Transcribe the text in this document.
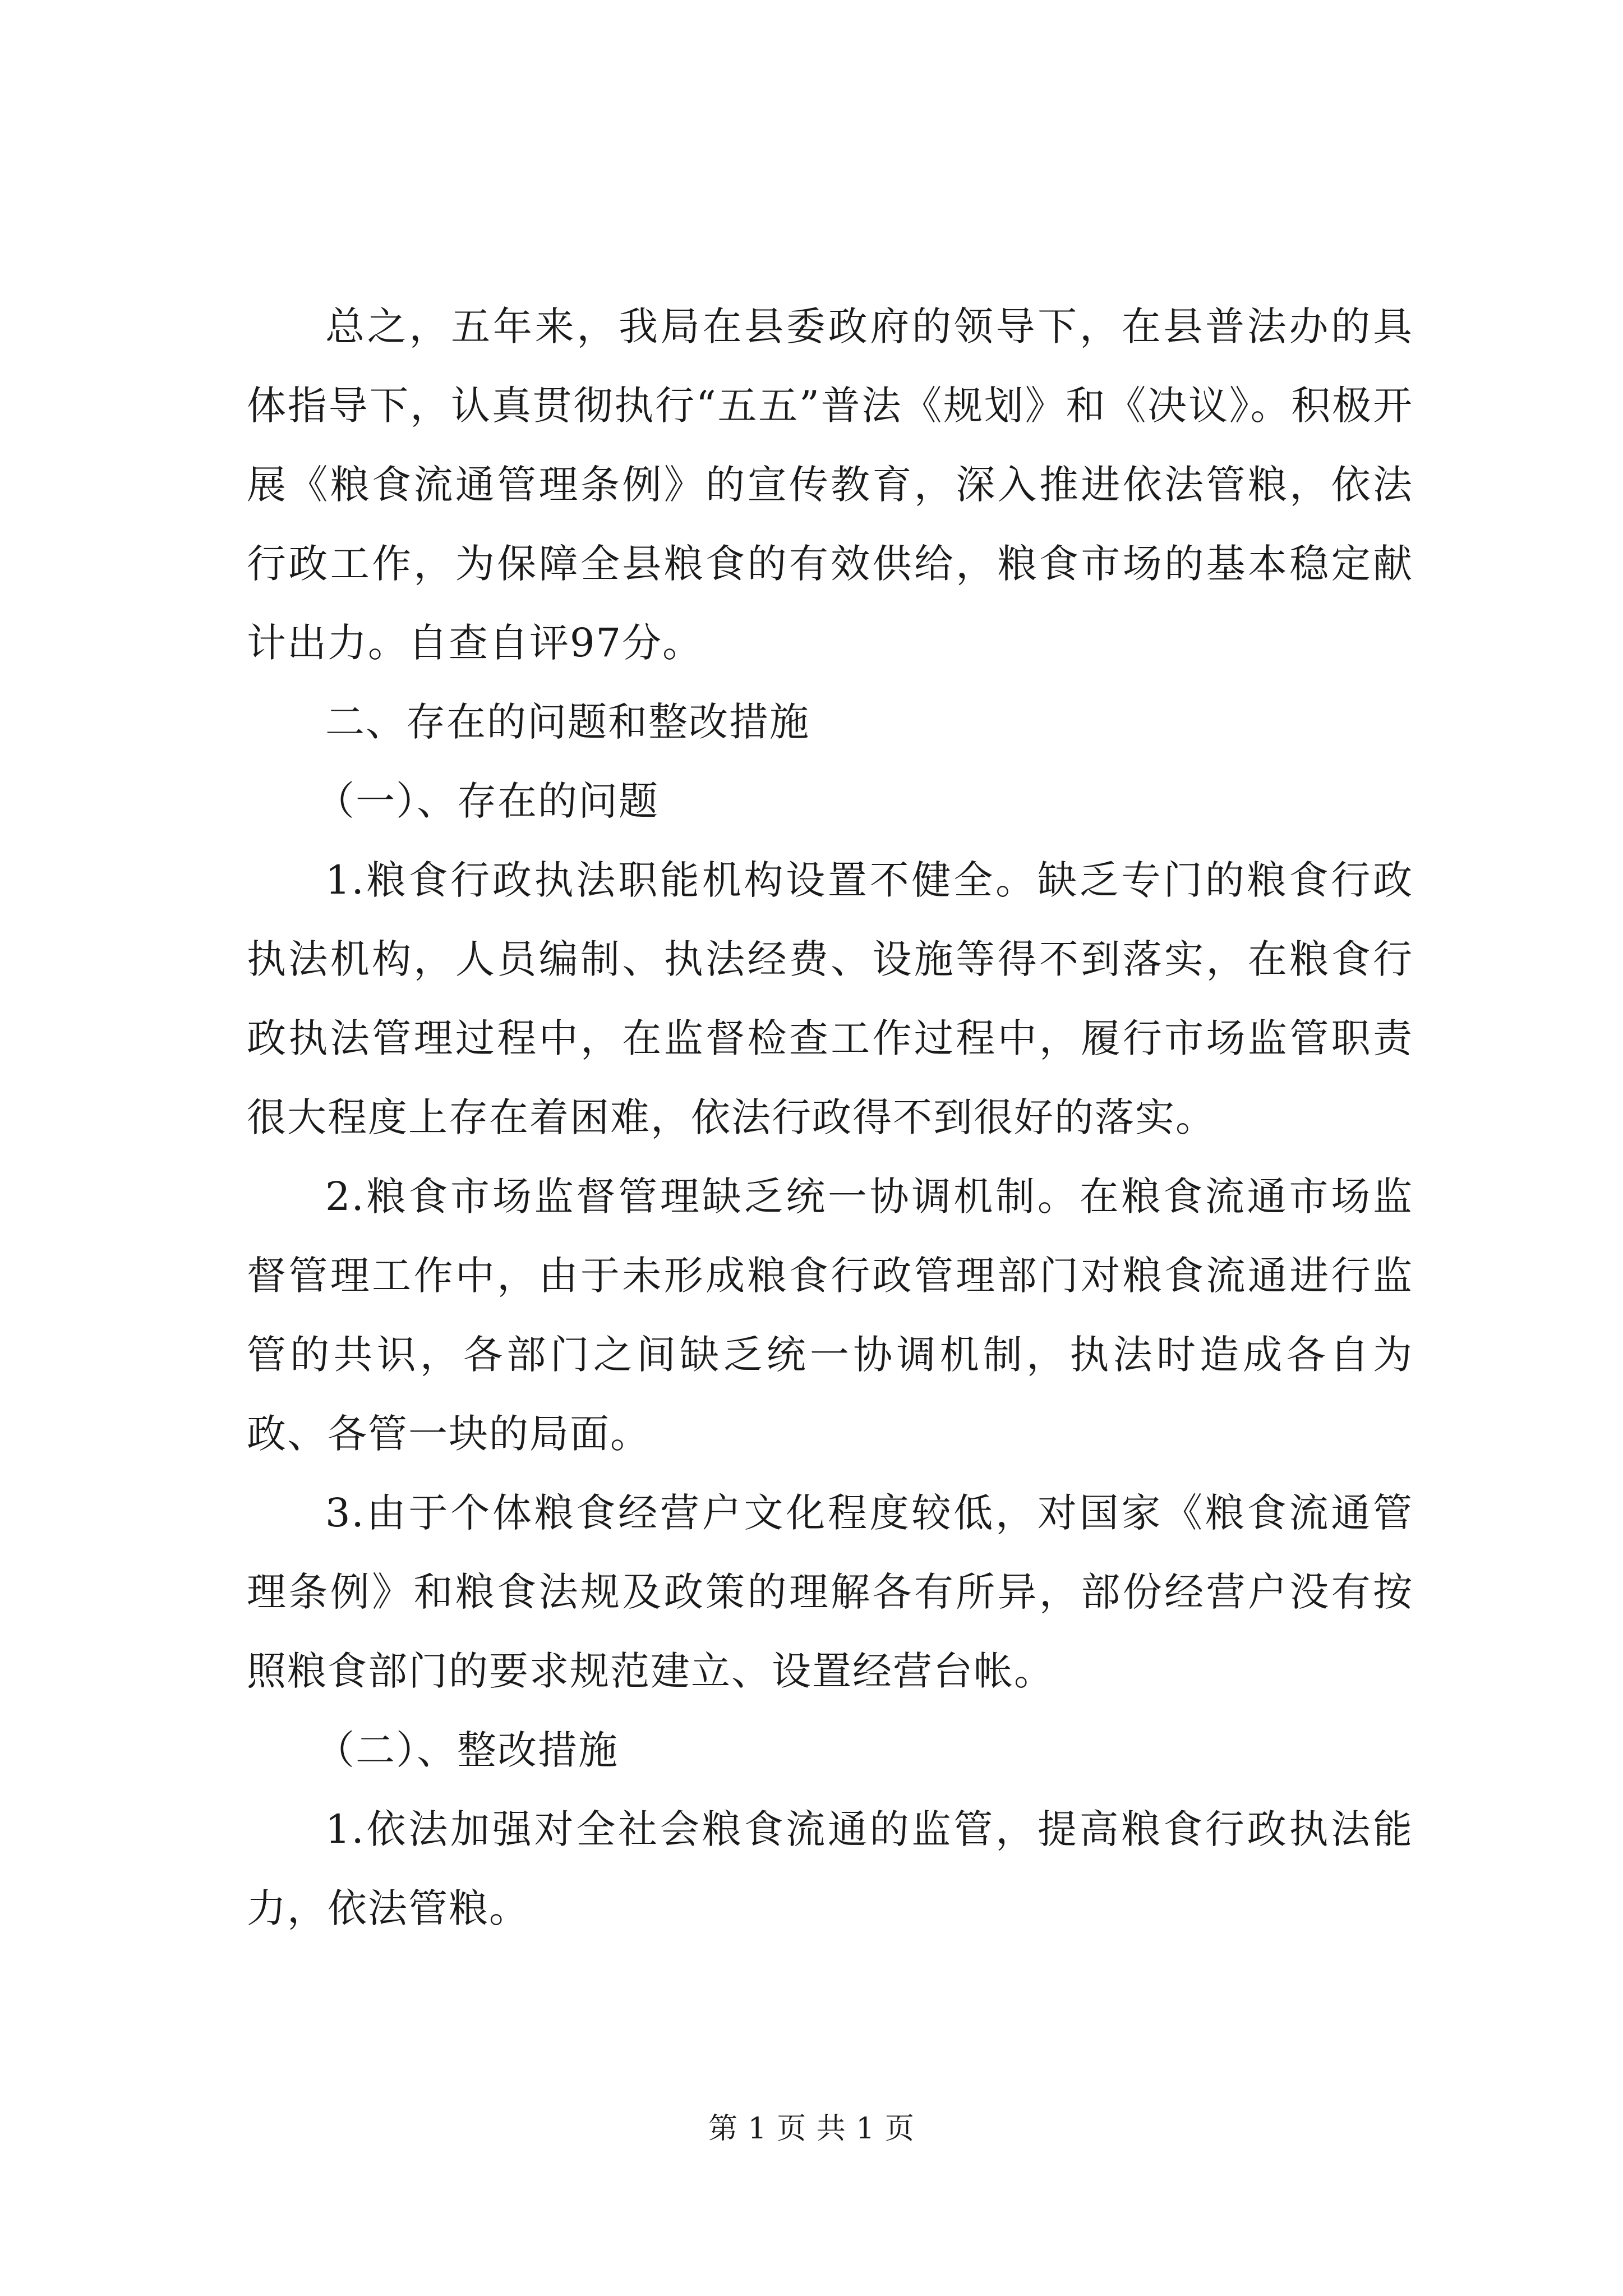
总之，五年来，我局在县委政府的领导下，在县普法办的具体指导下，认真贯彻执行“五五”普法《规划》和《决议》。积极开展《粮食流通管理条例》的宣传教育，深入推进依法管粮，依法行政工作，为保障全县粮食的有效供给，粮食市场的基本稳定献计出力。自查自评97分。

二、存在的问题和整改措施

（一）、存在的问题

1.粮食行政执法职能机构设置不健全。缺乏专门的粮食行政执法机构，人员编制、执法经费、设施等得不到落实，在粮食行政执法管理过程中，在监督检查工作过程中，履行市场监管职责很大程度上存在着困难，依法行政得不到很好的落实。

2.粮食市场监督管理缺乏统一协调机制。在粮食流通市场监督管理工作中，由于未形成粮食行政管理部门对粮食流通进行监管的共识，各部门之间缺乏统一协调机制，执法时造成各自为政、各管一块的局面。

3.由于个体粮食经营户文化程度较低，对国家《粮食流通管理条例》和粮食法规及政策的理解各有所异，部份经营户没有按照粮食部门的要求规范建立、设置经营台帐。

（二）、整改措施

1.依法加强对全社会粮食流通的监管，提高粮食行政执法能力，依法管粮。

第 1 页 共 1 页
